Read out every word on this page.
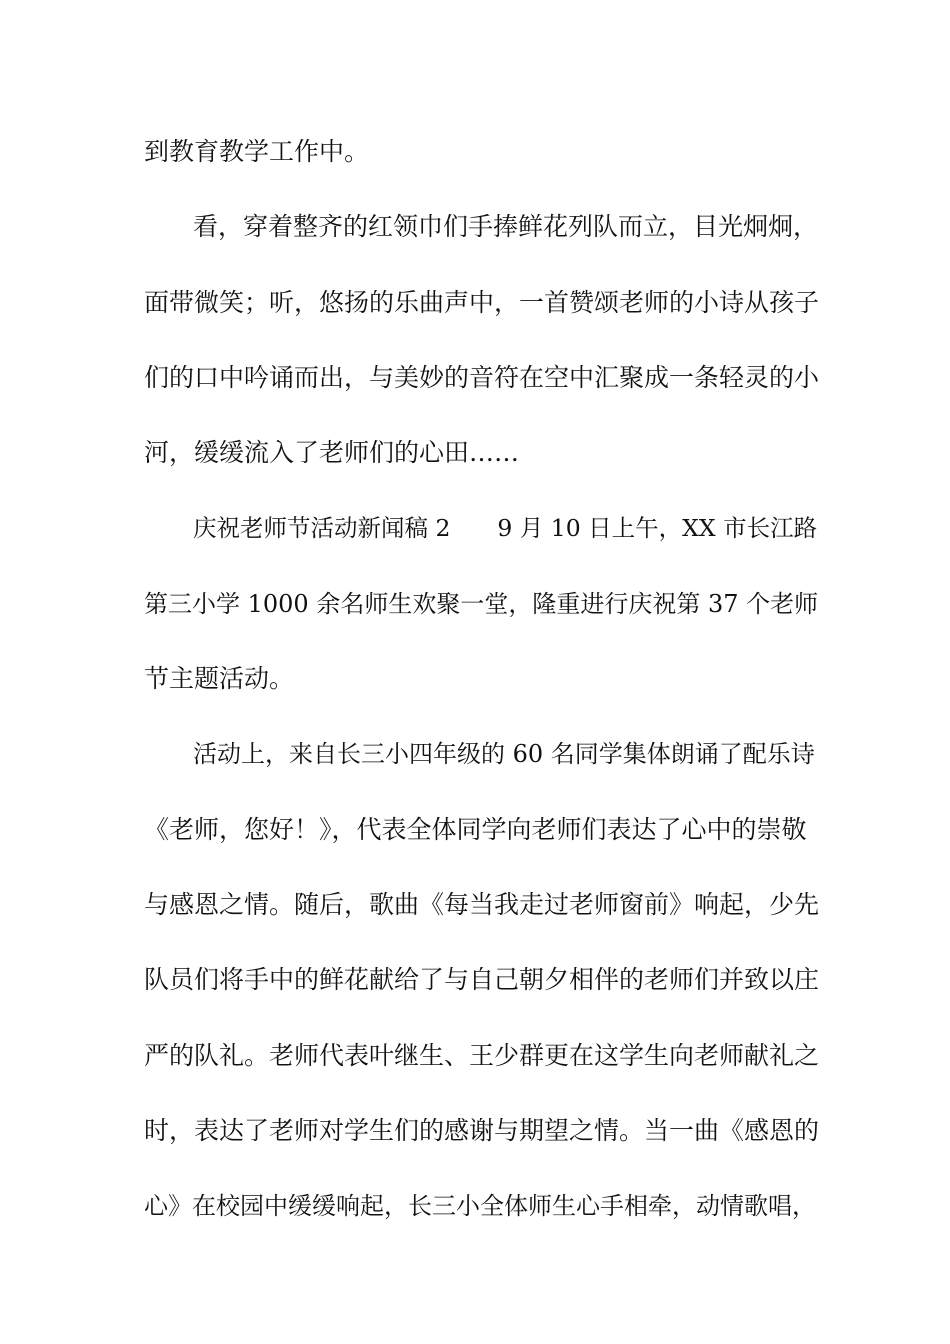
到教育教学工作中。
看，穿着整齐的红领巾们手捧鲜花列队而立，目光炯炯，
面带微笑；听，悠扬的乐曲声中，一首赞颂老师的小诗从孩子
们的口中吟诵而出，与美妙的音符在空中汇聚成一条轻灵的小
河，缓缓流入了老师们的心田……
庆祝老师节活动新闻稿 2　　9 月 10 日上午，XX 市长江路
第三小学 1000 余名师生欢聚一堂，隆重进行庆祝第 37 个老师
节主题活动。
活动上，来自长三小四年级的 60 名同学集体朗诵了配乐诗
《老师，您好！》，代表全体同学向老师们表达了心中的崇敬
与感恩之情。随后，歌曲《每当我走过老师窗前》响起，少先
队员们将手中的鲜花献给了与自己朝夕相伴的老师们并致以庄
严的队礼。老师代表叶继生、王少群更在这学生向老师献礼之
时，表达了老师对学生们的感谢与期望之情。当一曲《感恩的
心》在校园中缓缓响起，长三小全体师生心手相牵，动情歌唱，
